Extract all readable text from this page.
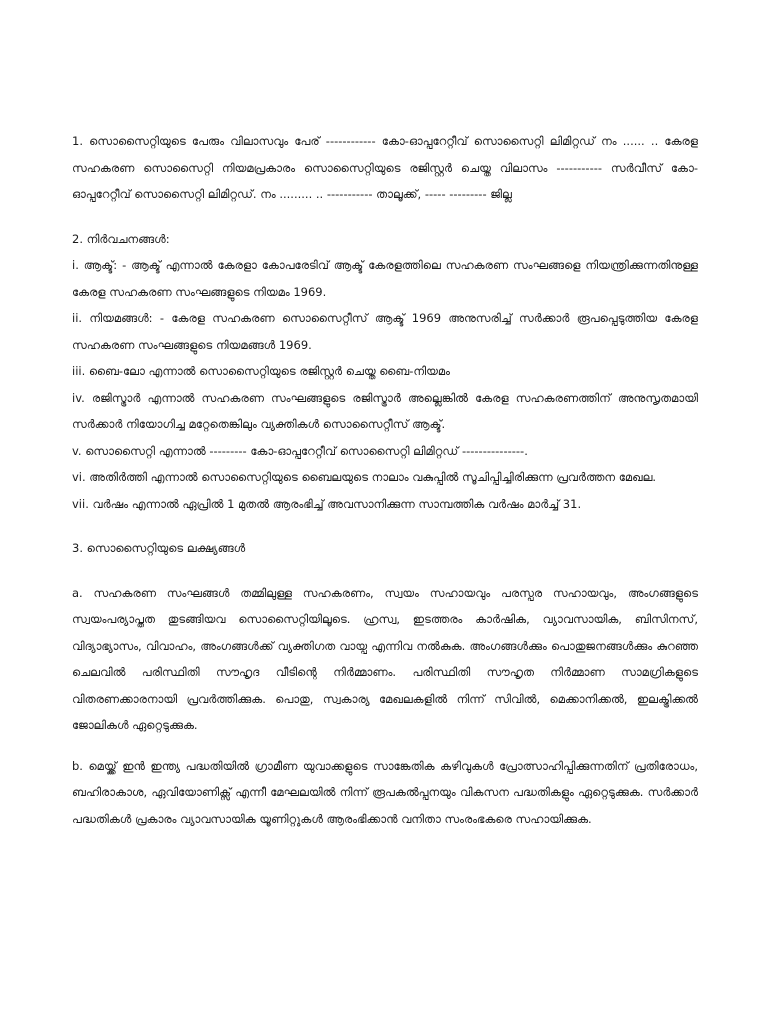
1. സൊസൈറ്റിയുടെ പേരും വിലാസവും പേര് ------------ കോ-ഓപ്പറേറ്റീവ് സൊസൈറ്റി ലിമിറ്റഡ് നം ...... .. കേരള സഹകരണ സൊസൈറ്റി നിയമപ്രകാരം സൊസൈറ്റിയുടെ രജിസ്റ്റർ ചെയ്ത വിലാസം ----------- സർവീസ് കോ-ഓപ്പറേറ്റീവ് സൊസൈറ്റി ലിമിറ്റഡ്. നം ......... .. ----------- താലൂക്ക്, ----- --------- ജില്ല

2. നിർവചനങ്ങൾ:

i. ആക്ട്: - ആക്ട് എന്നാൽ കേരളാ കോപരേടിവ് ആക്ട് കേരളത്തിലെ സഹകരണ സംഘങ്ങളെ നിയന്ത്രിക്കുന്നതിനുള്ള കേരള സഹകരണ സംഘങ്ങളുടെ നിയമം 1969.

ii. നിയമങ്ങൾ: - കേരള സഹകരണ സൊസൈറ്റീസ് ആക്ട് 1969 അനുസരിച്ച് സർക്കാർ രൂപപ്പെടുത്തിയ കേരള സഹകരണ സംഘങ്ങളുടെ നിയമങ്ങൾ 1969.

iii. ബൈ-ലോ എന്നാൽ സൊസൈറ്റിയുടെ രജിസ്റ്റർ ചെയ്ത ബൈ-നിയമം

iv. രജിസ്ട്രാർ എന്നാൽ സഹകരണ സംഘങ്ങളുടെ രജിസ്ട്രാർ അല്ലെങ്കിൽ കേരള സഹകരണത്തിന് അനുസൃതമായി സർക്കാർ നിയോഗിച്ച മറ്റേതെങ്കിലും വ്യക്തികൾ സൊസൈറ്റീസ് ആക്ട്.

v. സൊസൈറ്റി എന്നാൽ --------- കോ-ഓപ്പറേറ്റീവ് സൊസൈറ്റി ലിമിറ്റഡ് ---------------.

vi. അതിർത്തി എന്നാൽ സൊസൈറ്റിയുടെ ബൈലയുടെ നാലാം വകുപ്പിൽ സൂചിപ്പിച്ചിരിക്കുന്ന പ്രവർത്തന മേഖല.

vii. വർഷം എന്നാൽ ഏപ്രിൽ 1 മുതൽ ആരംഭിച്ച് അവസാനിക്കുന്ന സാമ്പത്തിക വർഷം മാർച്ച് 31.

3. സൊസൈറ്റിയുടെ ലക്ഷ്യങ്ങൾ

a. സഹകരണ സംഘങ്ങൾ തമ്മിലുള്ള സഹകരണം, സ്വയം സഹായവും പരസ്പര സഹായവും, അംഗങ്ങളുടെ സ്വയംപര്യാപ്തത തുടങ്ങിയവ സൊസൈറ്റിയിലൂടെ. ഹ്രസ്വ, ഇടത്തരം കാർഷിക, വ്യാവസായിക, ബിസിനസ്, വിദ്യാഭ്യാസം, വിവാഹം, അംഗങ്ങൾക്ക് വ്യക്തിഗത വായ്പ എന്നിവ നൽകുക. അംഗങ്ങൾക്കും പൊതുജനങ്ങൾക്കും കുറഞ്ഞ ചെലവിൽ പരിസ്ഥിതി സൗഹൃദ വീടിന്റെ നിർമ്മാണം. പരിസ്ഥിതി സൗഹൃത നിർമ്മാണ സാമഗ്രികളുടെ വിതരണക്കാരനായി പ്രവർത്തിക്കുക. പൊതു, സ്വകാര്യ മേഖലകളിൽ നിന്ന് സിവിൽ, മെക്കാനിക്കൽ, ഇലക്ട്രിക്കൽ ജോലികൾ ഏറ്റെടുക്കുക.

b. മെയ്ക്ക് ഇൻ ഇന്ത്യ പദ്ധതിയിൽ ഗ്രാമീണ യുവാക്കളുടെ സാങ്കേതിക കഴിവുകൾ പ്രോത്സാഹിപ്പിക്കുന്നതിന് പ്രതിരോധം, ബഹിരാകാശ, ഏവിയോണിക്സ് എന്നീ മേഘലയിൽ നിന്ന് രൂപകൽപ്പനയും വികസന പദ്ധതികളും ഏറ്റെടുക്കുക. സർക്കാർ പദ്ധതികൾ പ്രകാരം വ്യാവസായിക യൂണിറ്റുകൾ ആരംഭിക്കാൻ വനിതാ സംരംഭകരെ സഹായിക്കുക.
